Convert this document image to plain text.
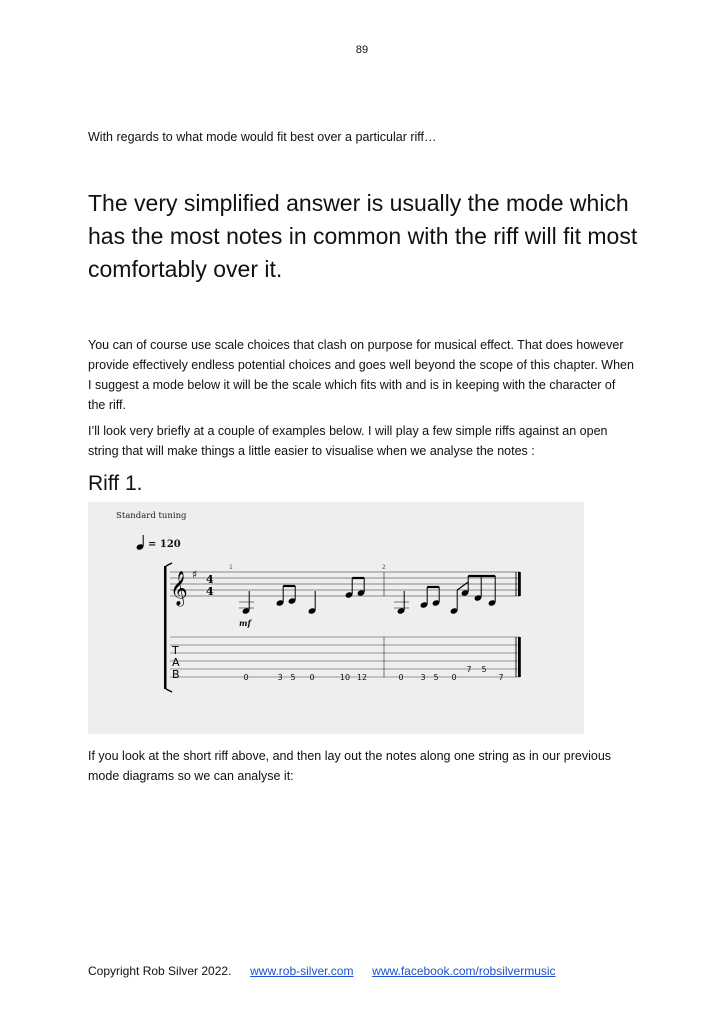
89
With regards to what mode would fit best over a particular riff…
The very simplified answer is usually the mode which has the most notes in common with the riff will fit most comfortably over it.

You can of course use scale choices that clash on purpose for musical effect. That does however provide effectively endless potential choices and goes well beyond the scope of this chapter. When I suggest a mode below it will be the scale which fits with and is in keeping with the character of the riff.

I’ll look very briefly at a couple of examples below. I will play a few simple riffs against an open string that will make things a little easier to visualise when we analyse the notes :

Riff 1.
Standard tuning
= 120
1	2
𝄞 ♯ 4
4
mf
T
A
B	0	3 5 0	10 12	0 3 5 0
7 5
7

If you look at the short riff above, and then lay out the notes along one string as in our previous mode diagrams so we can analyse it:

Copyright Rob Silver 2022. www.rob-silver.com www.facebook.com/robsilvermusic
